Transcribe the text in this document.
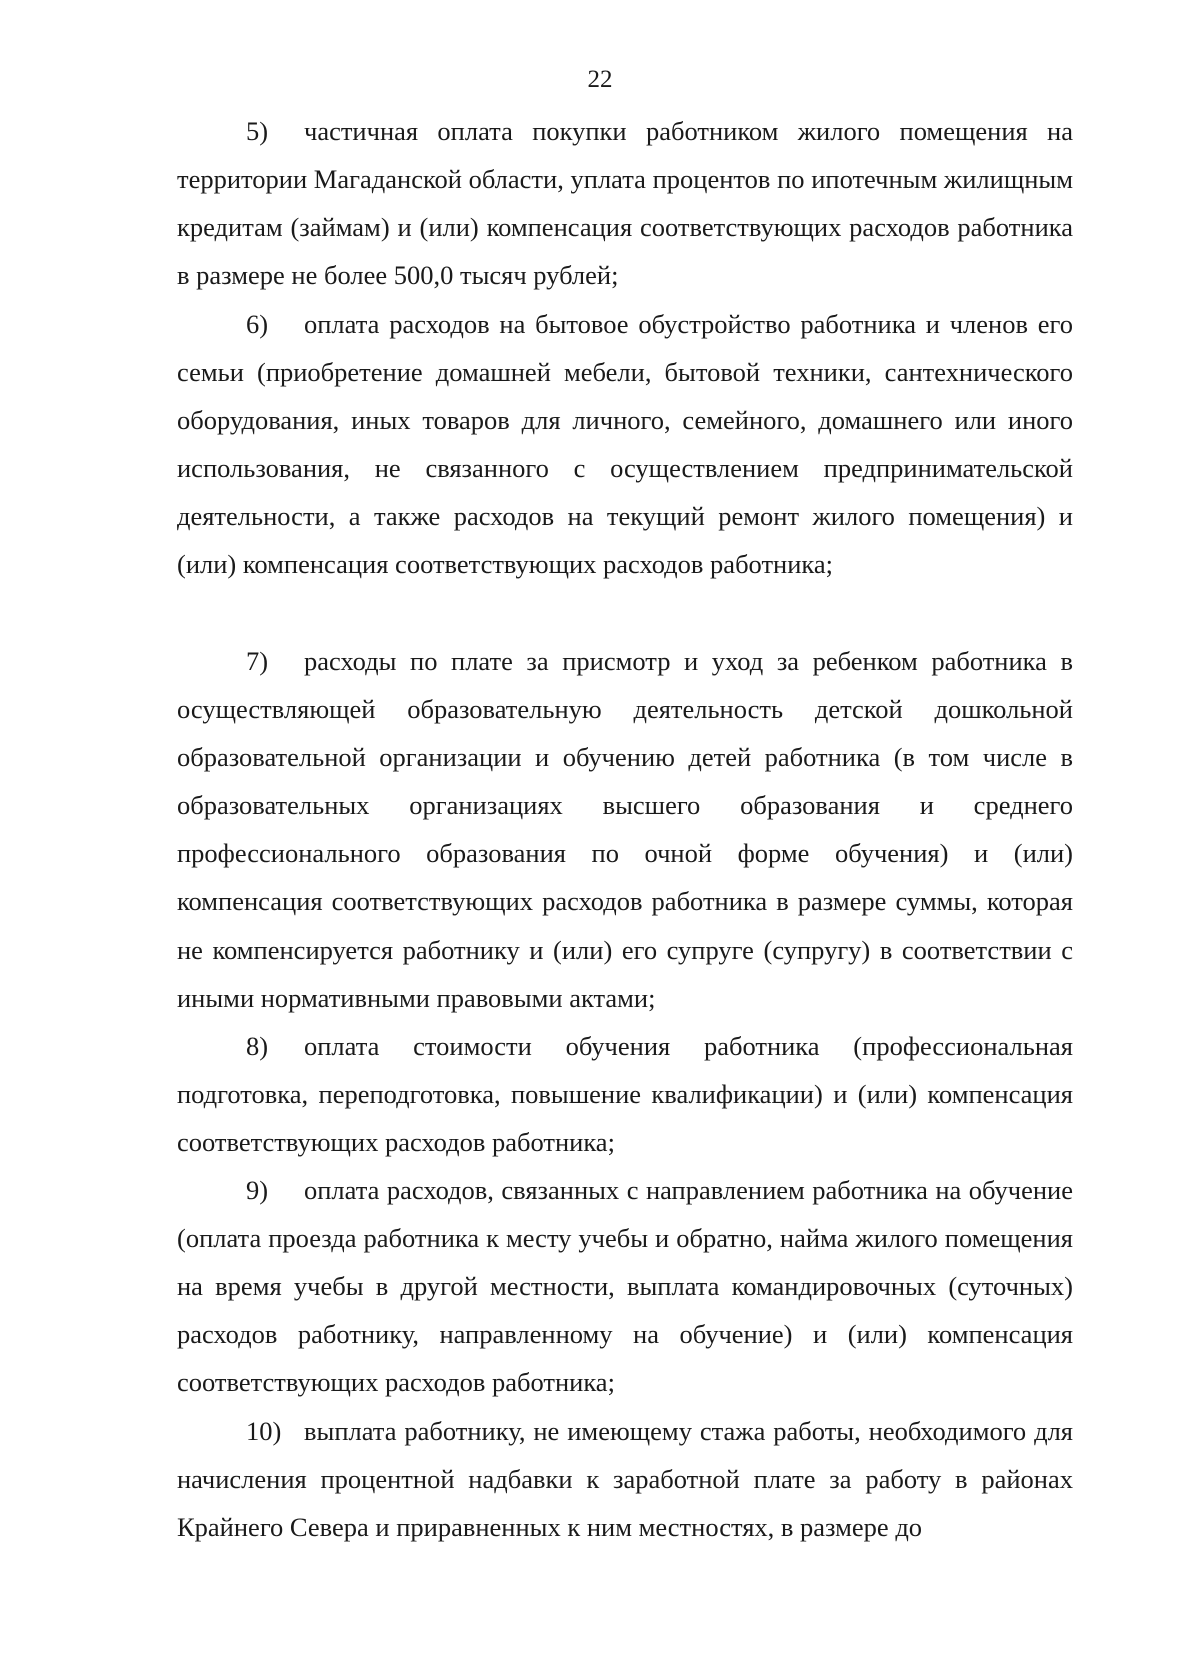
22

5) частичная оплата покупки работником жилого помещения на территории Магаданской области, уплата процентов по ипотечным жилищным кредитам (займам) и (или) компенсация соответствующих расходов работника в размере не более 500,0 тысяч рублей;

6) оплата расходов на бытовое обустройство работника и членов его семьи (приобретение домашней мебели, бытовой техники, сантехнического оборудования, иных товаров для личного, семейного, домашнего или иного использования, не связанного с осуществлением предпринимательской деятельности, а также расходов на текущий ремонт жилого помещения) и (или) компенсация соответствующих расходов работника;

7) расходы по плате за присмотр и уход за ребенком работника в осуществляющей образовательную деятельность детской дошкольной образовательной организации и обучению детей работника (в том числе в образовательных организациях высшего образования и среднего профессионального образования по очной форме обучения) и (или) компенсация соответствующих расходов работника в размере суммы, которая не компенсируется работнику и (или) его супруге (супругу) в соответствии с иными нормативными правовыми актами;

8) оплата стоимости обучения работника (профессиональная подготовка, переподготовка, повышение квалификации) и (или) компенсация соответствующих расходов работника;

9) оплата расходов, связанных с направлением работника на обучение (оплата проезда работника к месту учебы и обратно, найма жилого помещения на время учебы в другой местности, выплата командировочных (суточных) расходов работнику, направленному на обучение) и (или) компенсация соответствующих расходов работника;

10) выплата работнику, не имеющему стажа работы, необходимого для начисления процентной надбавки к заработной плате за работу в районах Крайнего Севера и приравненных к ним местностях, в размере до
